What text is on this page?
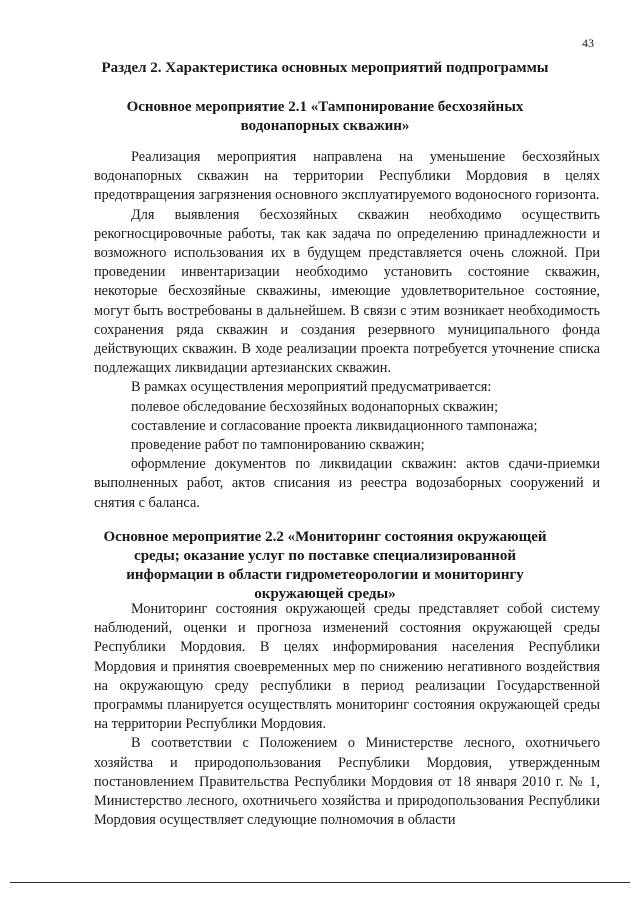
43
Раздел 2. Характеристика основных мероприятий подпрограммы
Основное мероприятие 2.1 «Тампонирование бесхозяйных водонапорных скважин»

Реализация мероприятия направлена на уменьшение бесхозяйных водонапорных скважин на территории Республики Мордовия в целях предотвращения загрязнения основного эксплуатируемого водоносного горизонта.

Для выявления бесхозяйных скважин необходимо осуществить рекогносцировочные работы, так как задача по определению принадлежности и возможного использования их в будущем представляется очень сложной. При проведении инвентаризации необходимо установить состояние скважин, некоторые бесхозяйные скважины, имеющие удовлетворительное состояние, могут быть востребованы в дальнейшем. В связи с этим возникает необходимость сохранения ряда скважин и создания резервного муниципального фонда действующих скважин. В ходе реализации проекта потребуется уточнение списка подлежащих ликвидации артезианских скважин.

В рамках осуществления мероприятий предусматривается:

полевое обследование бесхозяйных водонапорных скважин;

составление и согласование проекта ликвидационного тампонажа;

проведение работ по тампонированию скважин;

оформление документов по ликвидации скважин: актов сдачи-приемки выполненных работ, актов списания из реестра водозаборных сооружений и снятия с баланса.

Основное мероприятие 2.2 «Мониторинг состояния окружающей среды; оказание услуг по поставке специализированной информации в области гидрометеорологии и мониторингу окружающей среды»

Мониторинг состояния окружающей среды представляет собой систему наблюдений, оценки и прогноза изменений состояния окружающей среды Республики Мордовия. В целях информирования населения Республики Мордовия и принятия своевременных мер по снижению негативного воздействия на окружающую среду республики в период реализации Государственной программы планируется осуществлять мониторинг состояния окружающей среды на территории Республики Мордовия.

В соответствии с Положением о Министерстве лесного, охотничьего хозяйства и природопользования Республики Мордовия, утвержденным постановлением Правительства Республики Мордовия от 18 января 2010 г. № 1, Министерство лесного, охотничьего хозяйства и природопользования Республики Мордовия осуществляет следующие полномочия в области
